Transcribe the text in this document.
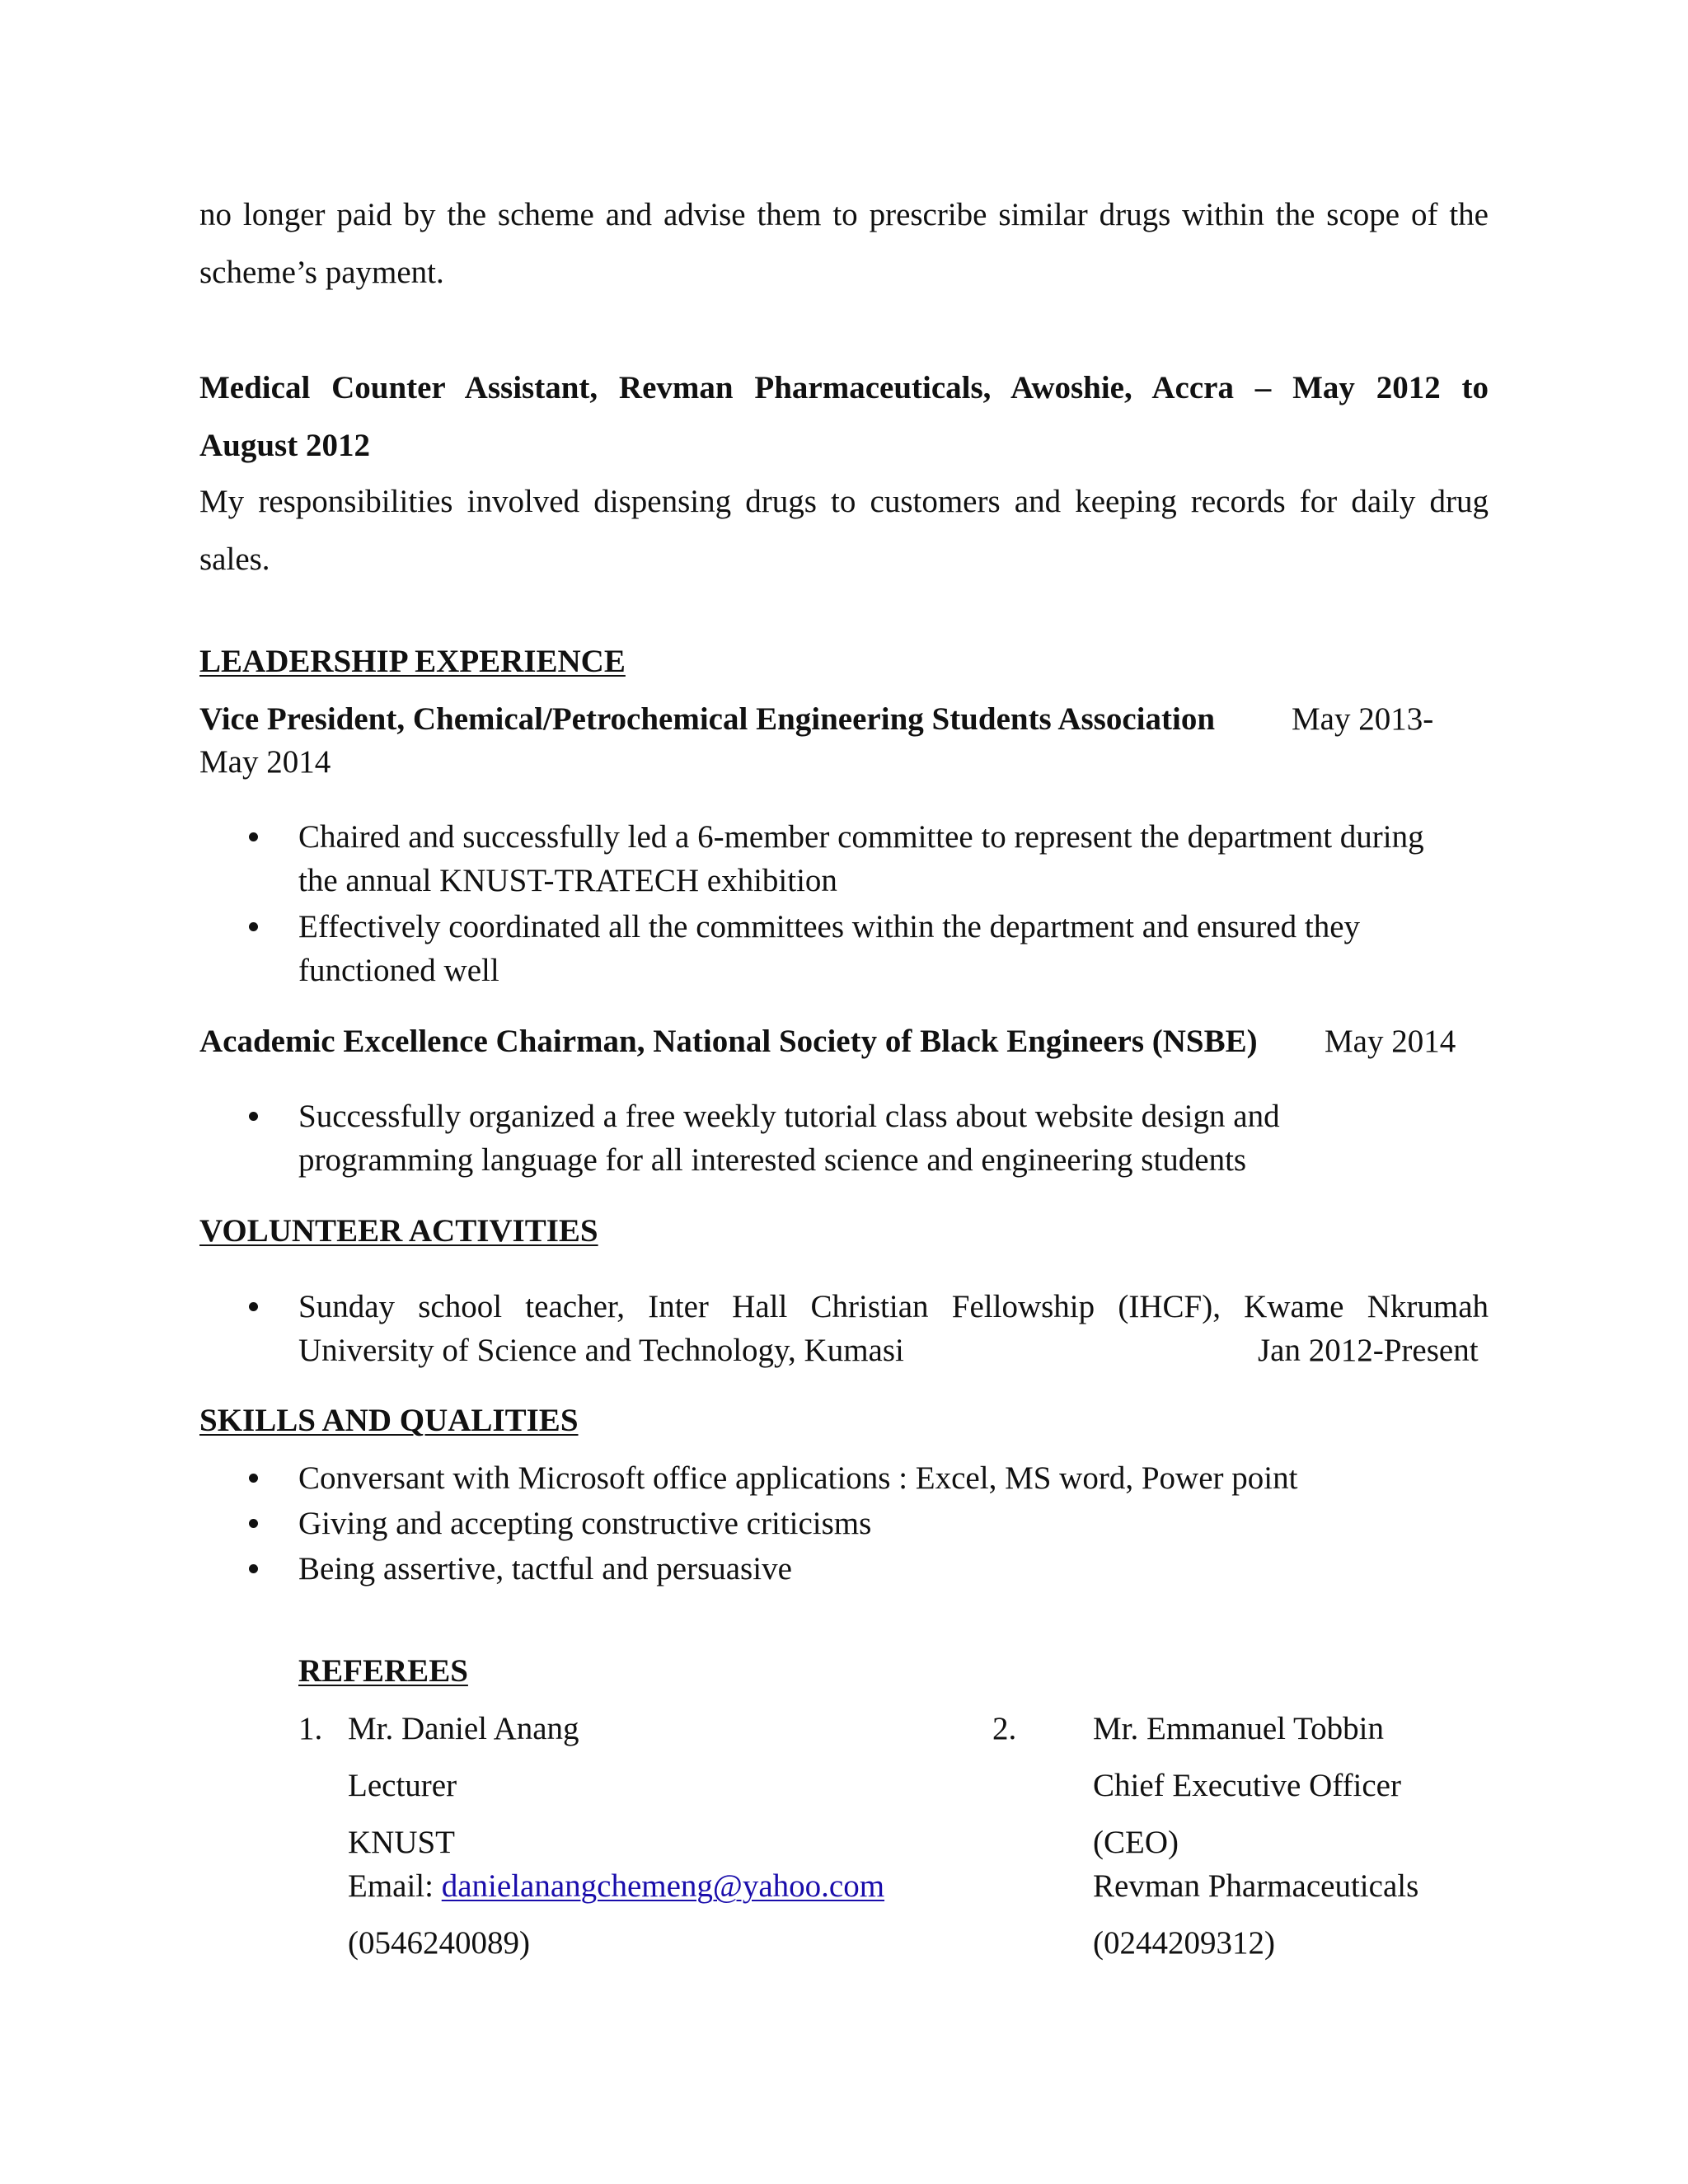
no longer paid by the scheme and advise them to prescribe similar drugs within the scope of the
scheme’s payment.
Medical Counter Assistant, Revman Pharmaceuticals, Awoshie, Accra – May 2012 to
August 2012
My responsibilities involved dispensing drugs to customers and keeping records for daily drug
sales.
LEADERSHIP EXPERIENCE
Vice President, Chemical/Petrochemical Engineering Students Association May 2013-
May 2014
Chaired and successfully led a 6-member committee to represent the department during
the annual KNUST-TRATECH exhibition
Effectively coordinated all the committees within the department and ensured they
functioned well
Academic Excellence Chairman, National Society of Black Engineers (NSBE) May 2014
Successfully organized a free weekly tutorial class about website design and
programming language for all interested science and engineering students
VOLUNTEER ACTIVITIES
Sunday school teacher, Inter Hall Christian Fellowship (IHCF), Kwame Nkrumah
University of Science and Technology, Kumasi	Jan 2012-Present
SKILLS AND QUALITIES
Conversant with Microsoft office applications : Excel, MS word, Power point
Giving and accepting constructive criticisms
Being assertive, tactful and persuasive
REFEREES
1. Mr. Daniel Anang
Lecturer
KNUST
Email: danielanangchemeng@yahoo.com
(0546240089)
2. Mr. Emmanuel Tobbin
Chief Executive Officer
(CEO)
Revman Pharmaceuticals
(0244209312)
